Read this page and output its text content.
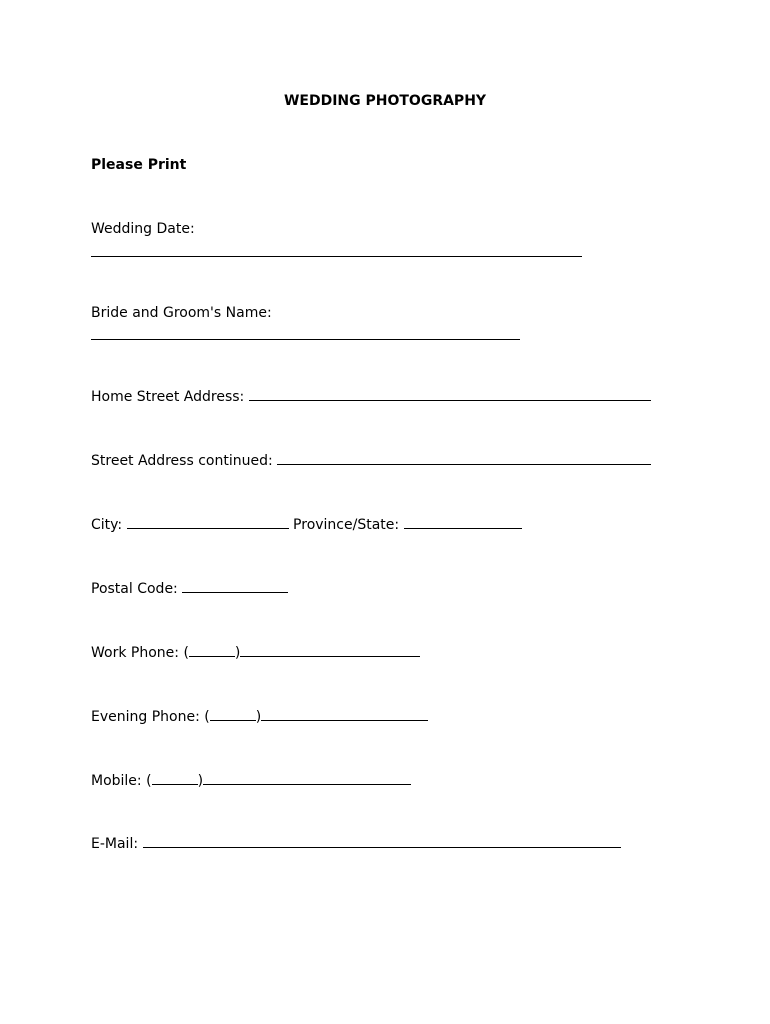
WEDDING PHOTOGRAPHY
Please Print
Wedding Date:
Bride and Groom's Name:
Home Street Address:
Street Address continued:
City:	Province/State:
Postal Code:
Work Phone: (	)
Evening Phone: (	)
Mobile: (	)
E-Mail:
